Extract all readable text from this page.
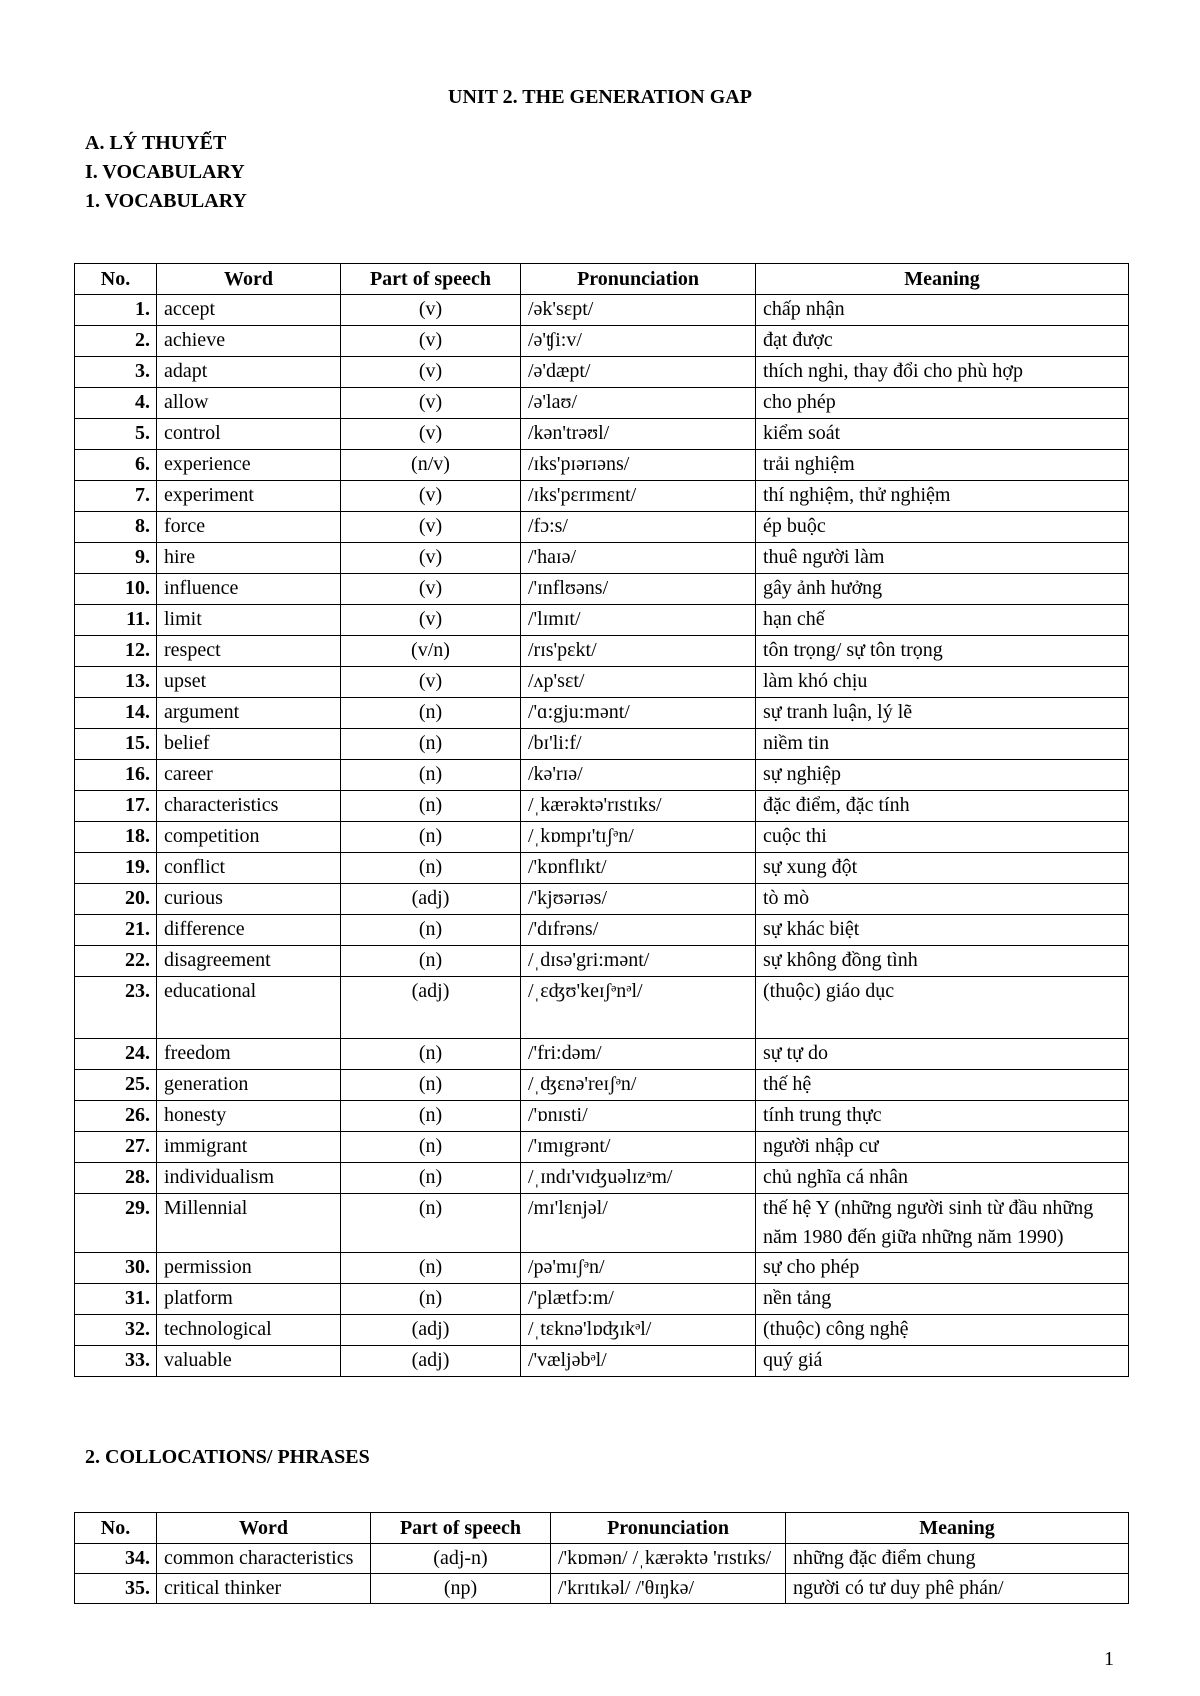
UNIT 2. THE GENERATION GAP
A. LÝ THUYẾT
I. VOCABULARY
1. VOCABULARY
No.	Word	Part of speech	Pronunciation	Meaning
1.	accept	(v)	/ək'sɛpt/	chấp nhận
2.	achieve	(v)	/ə'ʧi:v/	đạt được
3.	adapt	(v)	/ə'dæpt/	thích nghi, thay đổi cho phù hợp
4.	allow	(v)	/ə'laʊ/	cho phép
5.	control	(v)	/kən'trəʊl/	kiểm soát
6.	experience	(n/v)	/ɪks'pɪərɪəns/	trải nghiệm
7.	experiment	(v)	/ɪks'pɛrɪmɛnt/	thí nghiệm, thử nghiệm
8.	force	(v)	/fɔ:s/	ép buộc
9.	hire	(v)	/'haɪə/	thuê người làm
10.	influence	(v)	/'ɪnflʊəns/	gây ảnh hưởng
11.	limit	(v)	/'lɪmɪt/	hạn chế
12.	respect	(v/n)	/rɪs'pɛkt/	tôn trọng/ sự tôn trọng
13.	upset	(v)	/ʌp'sɛt/	làm khó chịu
14.	argument	(n)	/'ɑ:gju:mənt/	sự tranh luận, lý lẽ
15.	belief	(n)	/bɪ'li:f/	niềm tin
16.	career	(n)	/kə'rɪə/	sự nghiệp
17.	characteristics	(n)	/ˌkærəktə'rɪstɪks/	đặc điểm, đặc tính
18.	competition	(n)	/ˌkɒmpɪ'tɪʃᵊn/	cuộc thi
19.	conflict	(n)	/'kɒnflɪkt/	sự xung đột
20.	curious	(adj)	/'kjʊərɪəs/	tò mò
21.	difference	(n)	/'dɪfrəns/	sự khác biệt
22.	disagreement	(n)	/ˌdɪsə'gri:mənt/	sự không đồng tình
23.	educational	(adj)	/ˌɛʤʊ'keɪʃᵊnᵊl/	(thuộc) giáo dục
24.	freedom	(n)	/'fri:dəm/	sự tự do
25.	generation	(n)	/ˌʤɛnə'reɪʃᵊn/	thế hệ
26.	honesty	(n)	/'ɒnɪsti/	tính trung thực
27.	immigrant	(n)	/'ɪmɪgrənt/	người nhập cư
28.	individualism	(n)	/ˌɪndɪ'vɪʤuəlɪzᵊm/	chủ nghĩa cá nhân
29.	Millennial	(n)	/mɪ'lɛnjəl/	thế hệ Y (những người sinh từ đầu những năm 1980 đến giữa những năm 1990)
30.	permission	(n)	/pə'mɪʃᵊn/	sự cho phép
31.	platform	(n)	/'plætfɔ:m/	nền tảng
32.	technological	(adj)	/ˌtɛknə'lɒʤɪkᵊl/	(thuộc) công nghệ
33.	valuable	(adj)	/'væljəbᵊl/	quý giá
2. COLLOCATIONS/ PHRASES
No.	Word	Part of speech	Pronunciation	Meaning
34.	common characteristics	(adj-n)	/'kɒmən/ /ˌkærəktə 'rɪstɪks/	những đặc điểm chung
35.	critical thinker	(np)	/'krɪtɪkəl/ /'θɪŋkə/	người có tư duy phê phán/
1
